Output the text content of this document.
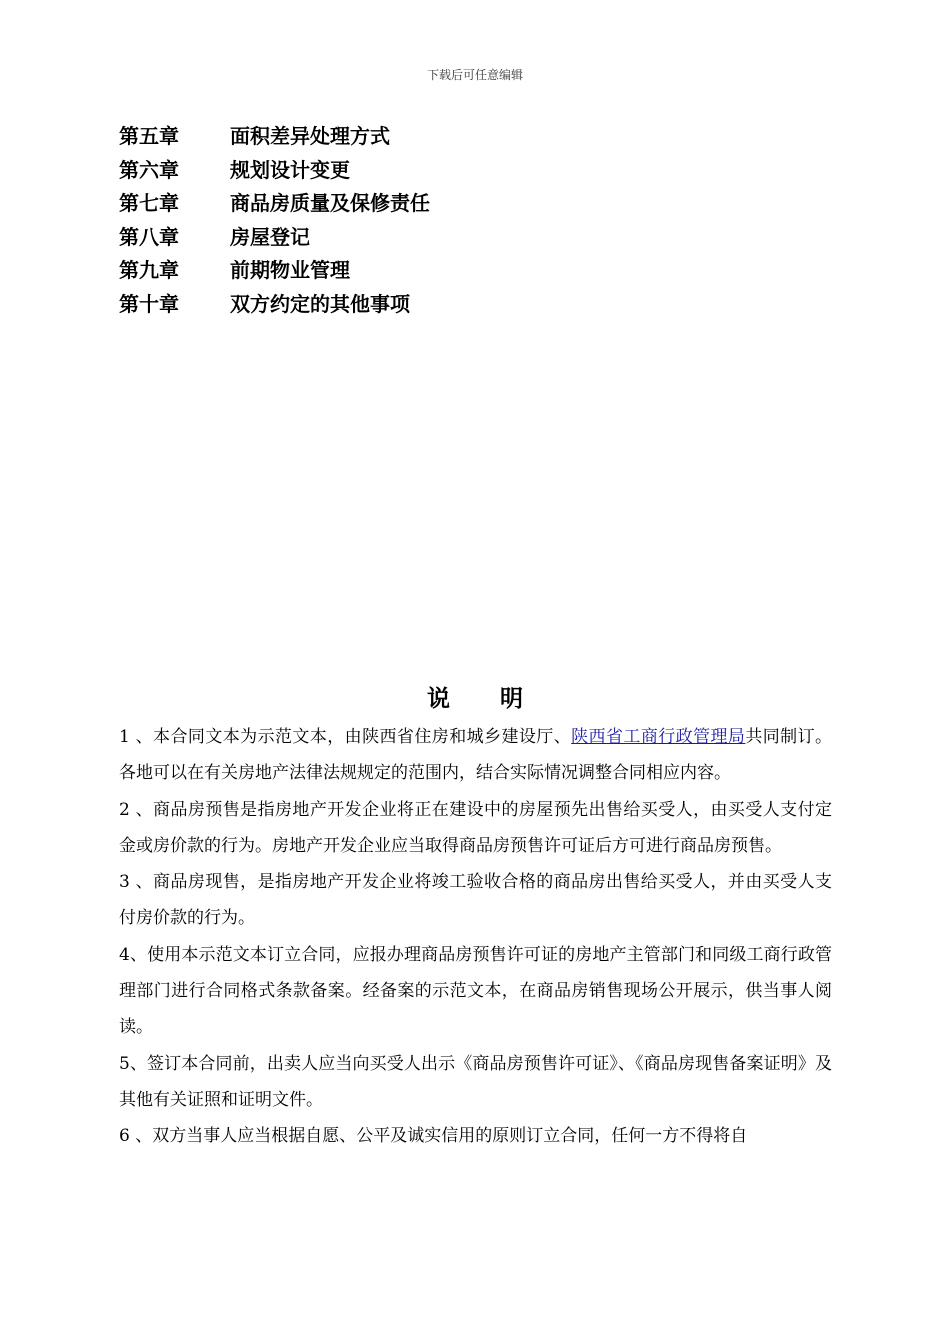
下载后可任意编辑
第五章	面积差异处理方式
第六章	规划设计变更
第七章	商品房质量及保修责任
第八章	房屋登记
第九章	前期物业管理
第十章	双方约定的其他事项
说 明

1 、本合同文本为示范文本，由陕西省住房和城乡建设厅、陕西省工商行政管理局共同制订。各地可以在有关房地产法律法规规定的范围内，结合实际情况调整合同相应内容。

2 、商品房预售是指房地产开发企业将正在建设中的房屋预先出售给买受人，由买受人支付定金或房价款的行为。房地产开发企业应当取得商品房预售许可证后方可进行商品房预售。

3 、商品房现售，是指房地产开发企业将竣工验收合格的商品房出售给买受人，并由买受人支付房价款的行为。

4、使用本示范文本订立合同，应报办理商品房预售许可证的房地产主管部门和同级工商行政管理部门进行合同格式条款备案。经备案的示范文本，在商品房销售现场公开展示，供当事人阅读。

5、签订本合同前，出卖人应当向买受人出示《商品房预售许可证》、《商品房现售备案证明》及其他有关证照和证明文件。

6 、双方当事人应当根据自愿、公平及诚实信用的原则订立合同，任何一方不得将自
